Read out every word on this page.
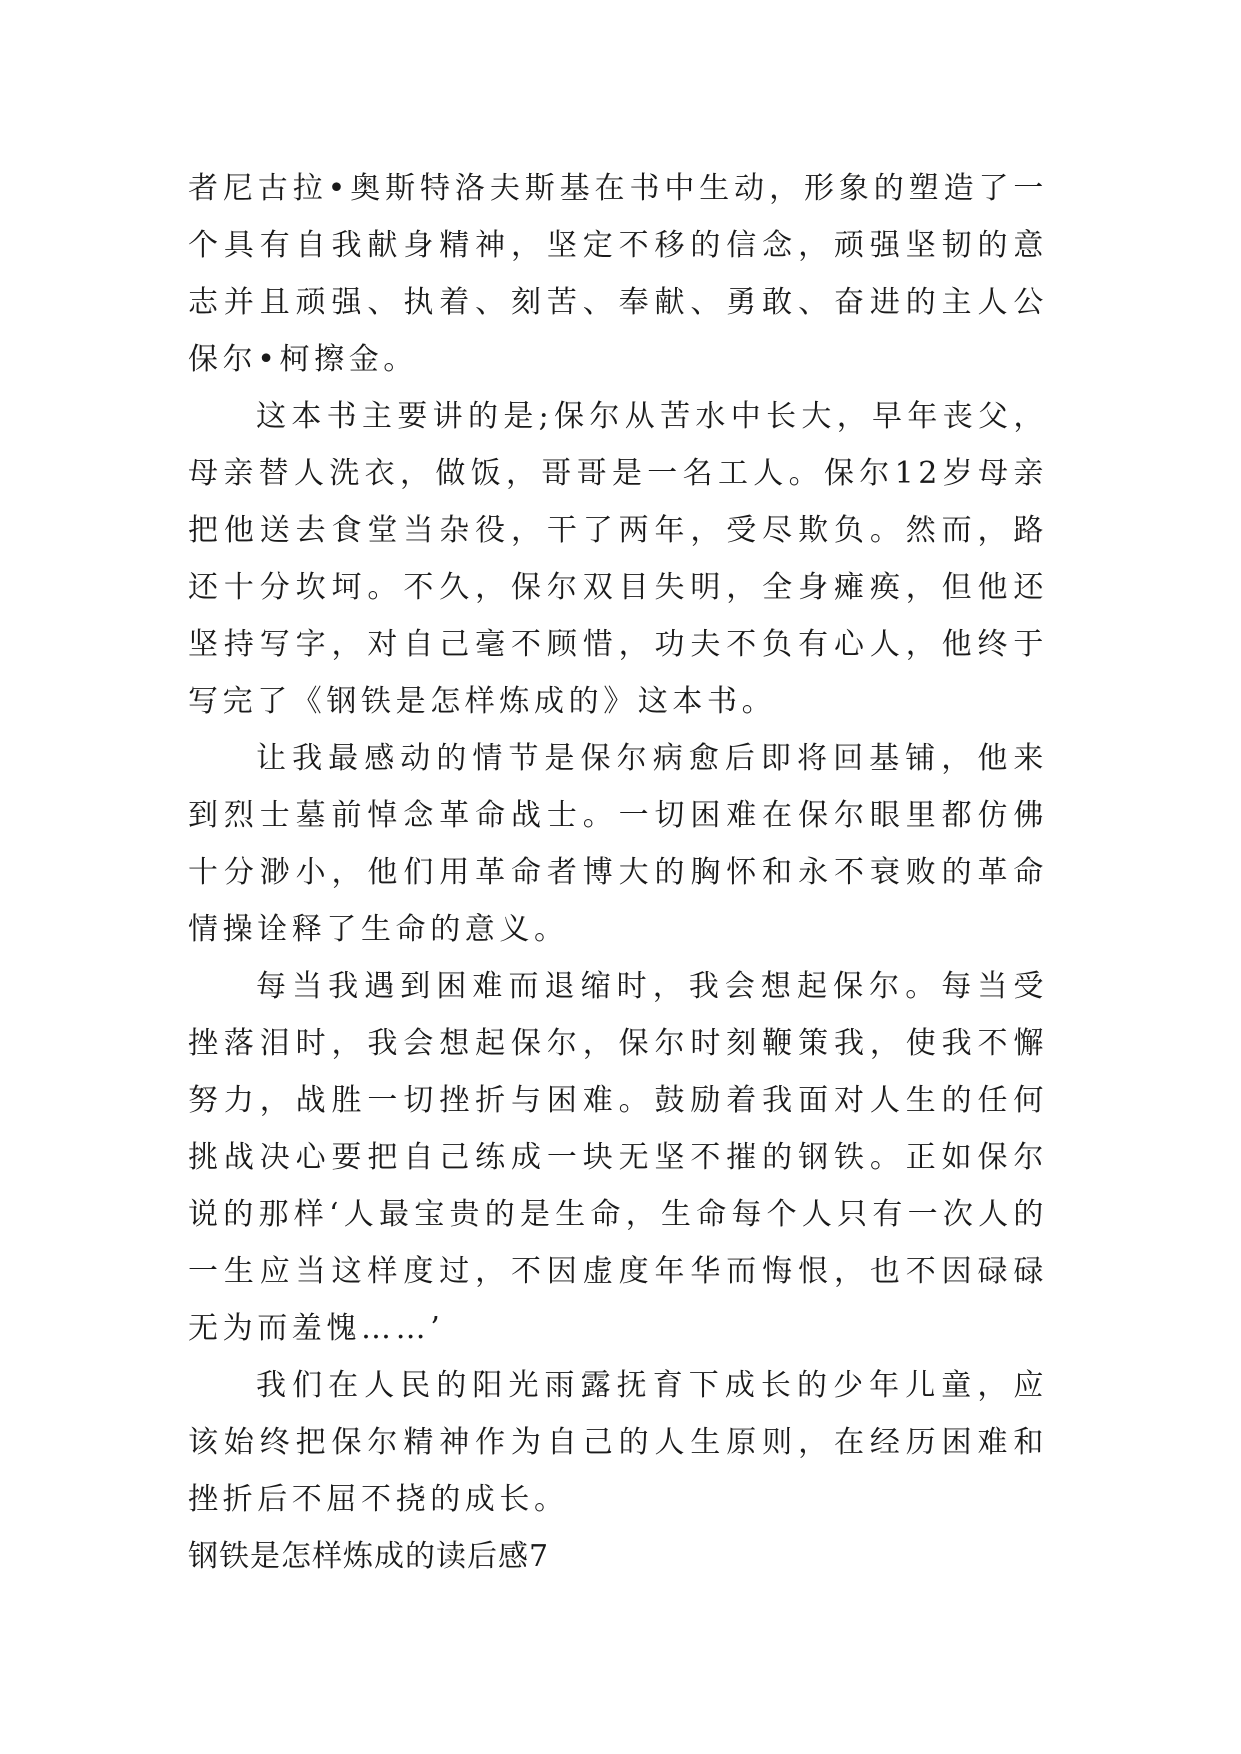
者尼古拉•奥斯特洛夫斯基在书中生动，形象的塑造了一个具有自我献身精神，坚定不移的信念，顽强坚韧的意志并且顽强、执着、刻苦、奉献、勇敢、奋进的主人公保尔•柯擦金。

这本书主要讲的是;保尔从苦水中长大，早年丧父，母亲替人洗衣，做饭，哥哥是一名工人。保尔12岁母亲把他送去食堂当杂役，干了两年，受尽欺负。然而，路还十分坎坷。不久，保尔双目失明，全身瘫痪，但他还坚持写字，对自己毫不顾惜，功夫不负有心人，他终于写完了《钢铁是怎样炼成的》这本书。

让我最感动的情节是保尔病愈后即将回基铺，他来到烈士墓前悼念革命战士。一切困难在保尔眼里都仿佛十分渺小，他们用革命者博大的胸怀和永不衰败的革命情操诠释了生命的意义。

每当我遇到困难而退缩时，我会想起保尔。每当受挫落泪时，我会想起保尔，保尔时刻鞭策我，使我不懈努力，战胜一切挫折与困难。鼓励着我面对人生的任何挑战决心要把自己练成一块无坚不摧的钢铁。正如保尔说的那样‘人最宝贵的是生命，生命每个人只有一次人的一生应当这样度过，不因虚度年华而悔恨，也不因碌碌无为而羞愧……’

我们在人民的阳光雨露抚育下成长的少年儿童，应该始终把保尔精神作为自己的人生原则，在经历困难和挫折后不屈不挠的成长。

钢铁是怎样炼成的读后感7
